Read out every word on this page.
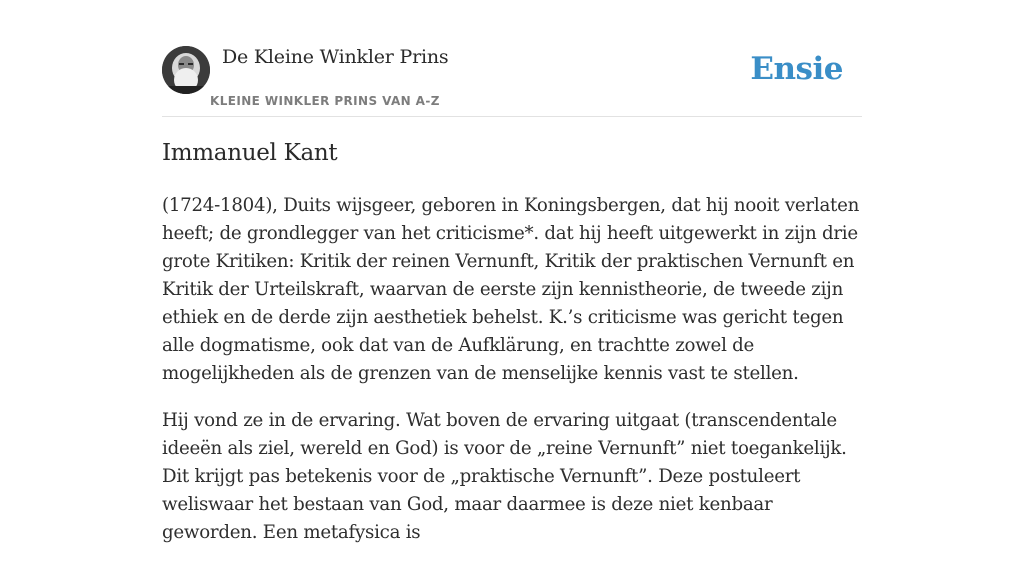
De Kleine Winkler Prins
KLEINE WINKLER PRINS VAN A-Z
Ensie
Immanuel Kant

(1724-1804), Duits wijsgeer, geboren in Koningsbergen, dat hij nooit verlaten heeft; de grondlegger van het criticisme*. dat hij heeft uitgewerkt in zijn drie grote Kritiken: Kritik der reinen Vernunft, Kritik der praktischen Vernunft en Kritik der Urteilskraft, waarvan de eerste zijn kennistheorie, de tweede zijn ethiek en de derde zijn aesthetiek behelst. K.’s criticisme was gericht tegen alle dogmatisme, ook dat van de Aufklärung, en trachtte zowel de mogelijkheden als de grenzen van de menselijke kennis vast te stellen.

Hij vond ze in de ervaring. Wat boven de ervaring uitgaat (transcendentale ideeën als ziel, wereld en God) is voor de „reine Vernunft” niet toegankelijk. Dit krijgt pas betekenis voor de „praktische Vernunft”. Deze postuleert weliswaar het bestaan van God, maar daarmee is deze niet kenbaar geworden. Een metafysica is
